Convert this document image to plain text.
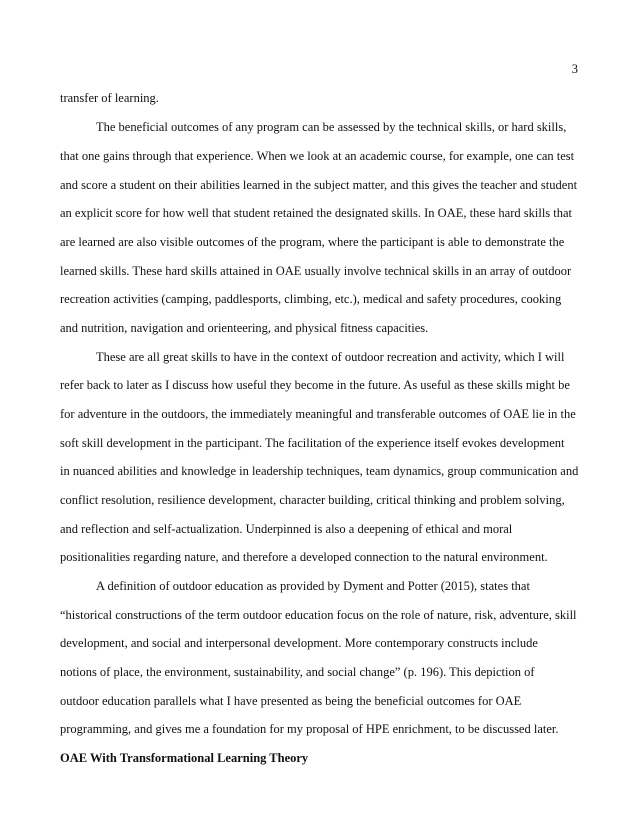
3
transfer of learning.
The beneficial outcomes of any program can be assessed by the technical skills, or hard skills,
that one gains through that experience. When we look at an academic course, for example, one can test
and score a student on their abilities learned in the subject matter, and this gives the teacher and student
an explicit score for how well that student retained the designated skills. In OAE, these hard skills that
are learned are also visible outcomes of the program, where the participant is able to demonstrate the
learned skills. These hard skills attained in OAE usually involve technical skills in an array of outdoor
recreation activities (camping, paddlesports, climbing, etc.), medical and safety procedures, cooking
and nutrition, navigation and orienteering, and physical fitness capacities.
These are all great skills to have in the context of outdoor recreation and activity, which I will
refer back to later as I discuss how useful they become in the future. As useful as these skills might be
for adventure in the outdoors, the immediately meaningful and transferable outcomes of OAE lie in the
soft skill development in the participant. The facilitation of the experience itself evokes development
in nuanced abilities and knowledge in leadership techniques, team dynamics, group communication and
conflict resolution, resilience development, character building, critical thinking and problem solving,
and reflection and self-actualization. Underpinned is also a deepening of ethical and moral
positionalities regarding nature, and therefore a developed connection to the natural environment.
A definition of outdoor education as provided by Dyment and Potter (2015), states that
“historical constructions of the term outdoor education focus on the role of nature, risk, adventure, skill
development, and social and interpersonal development. More contemporary constructs include
notions of place, the environment, sustainability, and social change” (p. 196). This depiction of
outdoor education parallels what I have presented as being the beneficial outcomes for OAE
programming, and gives me a foundation for my proposal of HPE enrichment, to be discussed later.
OAE With Transformational Learning Theory
